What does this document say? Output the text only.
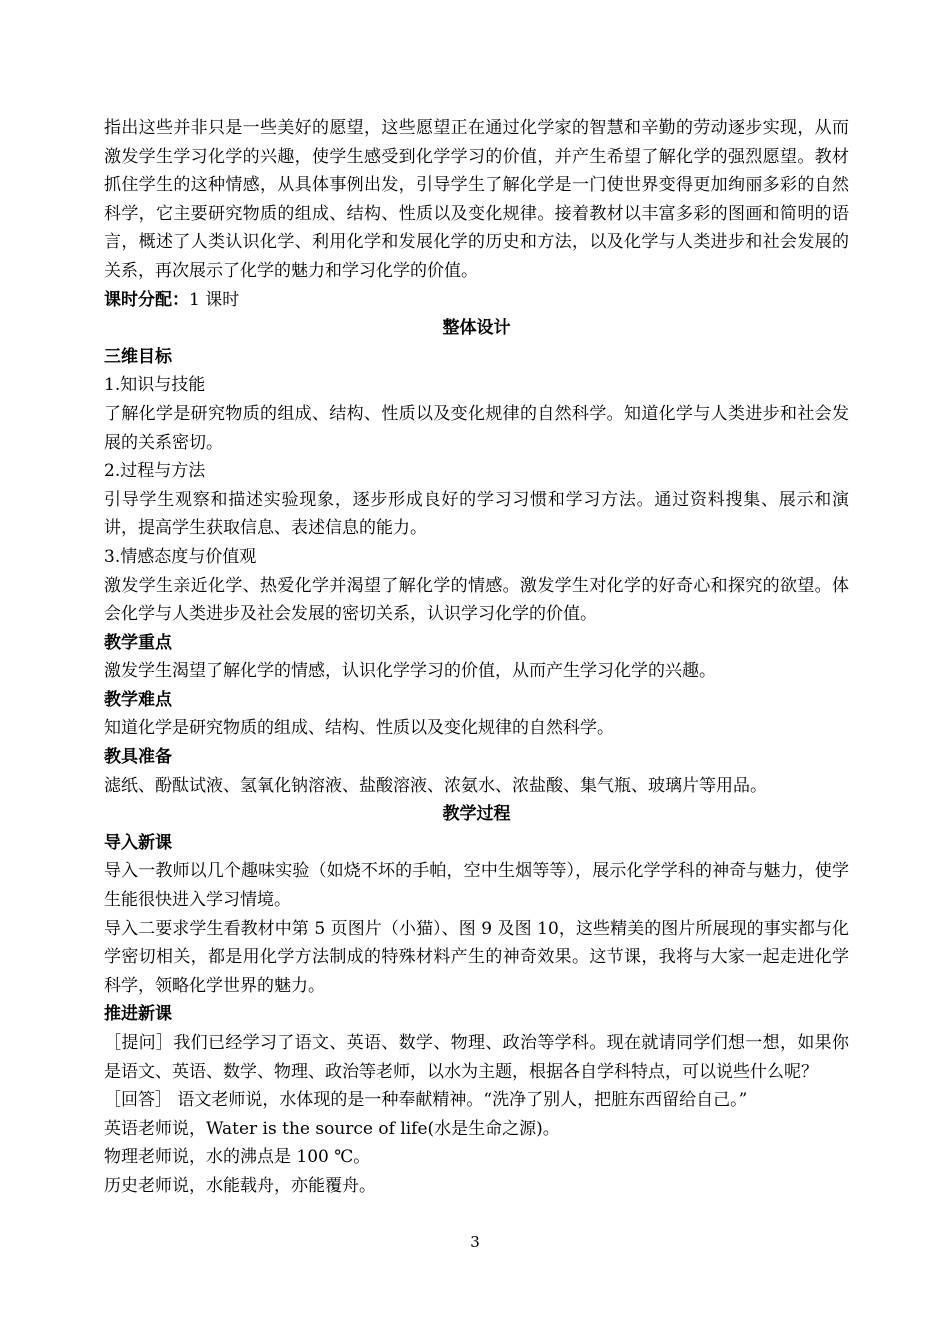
指出这些并非只是一些美好的愿望，这些愿望正在通过化学家的智慧和辛勤的劳动逐步实现，从而激发学生学习化学的兴趣，使学生感受到化学学习的价值，并产生希望了解化学的强烈愿望。教材抓住学生的这种情感，从具体事例出发，引导学生了解化学是一门使世界变得更加绚丽多彩的自然科学，它主要研究物质的组成、结构、性质以及变化规律。接着教材以丰富多彩的图画和简明的语言，概述了人类认识化学、利用化学和发展化学的历史和方法，以及化学与人类进步和社会发展的关系，再次展示了化学的魅力和学习化学的价值。

课时分配：1 课时

整体设计

三维目标

1.知识与技能

了解化学是研究物质的组成、结构、性质以及变化规律的自然科学。知道化学与人类进步和社会发展的关系密切。

2.过程与方法

引导学生观察和描述实验现象，逐步形成良好的学习习惯和学习方法。通过资料搜集、展示和演讲，提高学生获取信息、表述信息的能力。

3.情感态度与价值观

激发学生亲近化学、热爱化学并渴望了解化学的情感。激发学生对化学的好奇心和探究的欲望。体会化学与人类进步及社会发展的密切关系，认识学习化学的价值。

教学重点

激发学生渴望了解化学的情感，认识化学学习的价值，从而产生学习化学的兴趣。

教学难点

知道化学是研究物质的组成、结构、性质以及变化规律的自然科学。

教具准备

滤纸、酚酞试液、氢氧化钠溶液、盐酸溶液、浓氨水、浓盐酸、集气瓶、玻璃片等用品。

教学过程

导入新课

导入一教师以几个趣味实验（如烧不坏的手帕，空中生烟等等），展示化学学科的神奇与魅力，使学生能很快进入学习情境。

导入二要求学生看教材中第 5 页图片（小猫）、图 9 及图 10，这些精美的图片所展现的事实都与化学密切相关，都是用化学方法制成的特殊材料产生的神奇效果。这节课，我将与大家一起走进化学科学，领略化学世界的魅力。

推进新课

［提问］我们已经学习了语文、英语、数学、物理、政治等学科。现在就请同学们想一想，如果你是语文、英语、数学、物理、政治等老师，以水为主题，根据各自学科特点，可以说些什么呢？

［回答］ 语文老师说，水体现的是一种奉献精神。“洗净了别人，把脏东西留给自己。”

英语老师说，Water is the source of life(水是生命之源)。

物理老师说，水的沸点是 100 ℃。

历史老师说，水能载舟，亦能覆舟。

3
